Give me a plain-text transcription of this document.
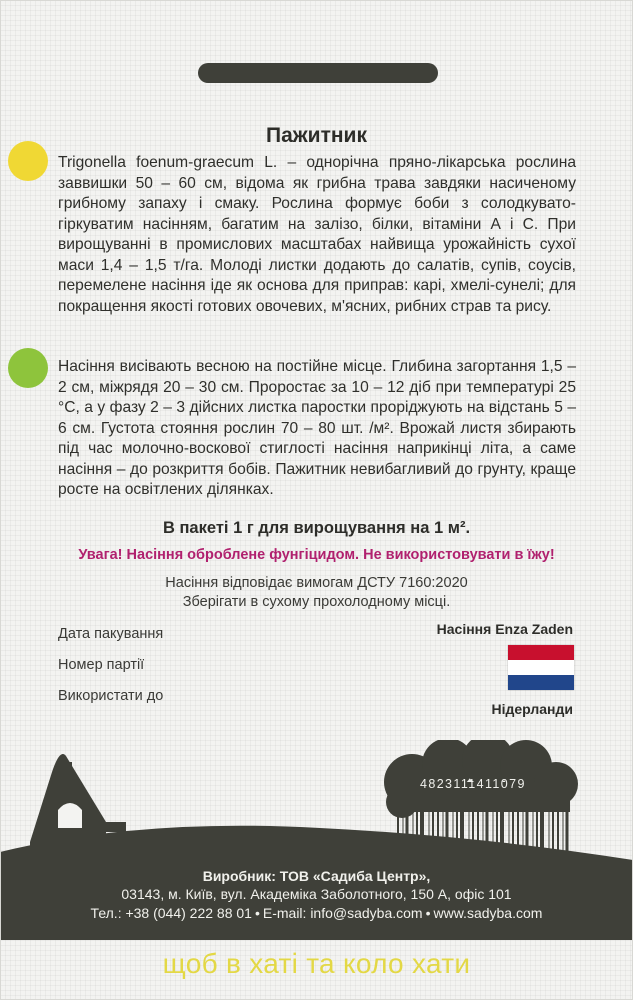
Пажитник

Trigonella foenum-graecum L. – однорічна пряно-лікарська рослина заввишки 50 – 60 см, відома як грибна трава завдяки насиченому грибному запаху і смаку. Рослина формує боби з солодкувато-гіркуватим насінням, багатим на залізо, білки, вітаміни А і С. При вирощуванні в промислових масштабах найвища урожайність сухої маси 1,4 – 1,5 т/га. Молоді листки додають до салатів, супів, соусів, перемелене насіння іде як основа для приправ: карі, хмелі-сунелі; для покращення якості готових овочевих, м'ясних, рибних страв та рису.

Насіння висівають весною на постійне місце. Глибина загортання 1,5 – 2 см, міжрядя 20 – 30 см. Проростає за 10 – 12 діб при температурі 25 °С, а у фазу 2 – 3 дійсних листка паростки проріджують на відстань 5 – 6 см. Густота стояння рослин 70 – 80 шт. /м². Врожай листя збирають під час молочно-воскової стиглості насіння наприкінці літа, а саме насіння – до розкриття бобів. Пажитник невибагливий до грунту, краще росте на освітлених ділянках.

В пакеті 1 г для вирощування на 1 м².
Увага! Насіння оброблене фунгіцидом. Не використовувати в їжу!
Насіння відповідає вимогам ДСТУ 7160:2020
Зберігати в сухому прохолодному місці.
Дата пакування
Номер партії
Використати до
Насіння Enza Zaden
Нідерланди
4823111411079
Виробник: ТОВ «Садиба Центр»,
03143, м. Київ, вул. Академіка Заболотного, 150 А, офіс 101
Тел.: +38 (044) 222 88 01 • E-mail: info@sadyba.com • www.sadyba.com
щоб в хаті та коло хати
